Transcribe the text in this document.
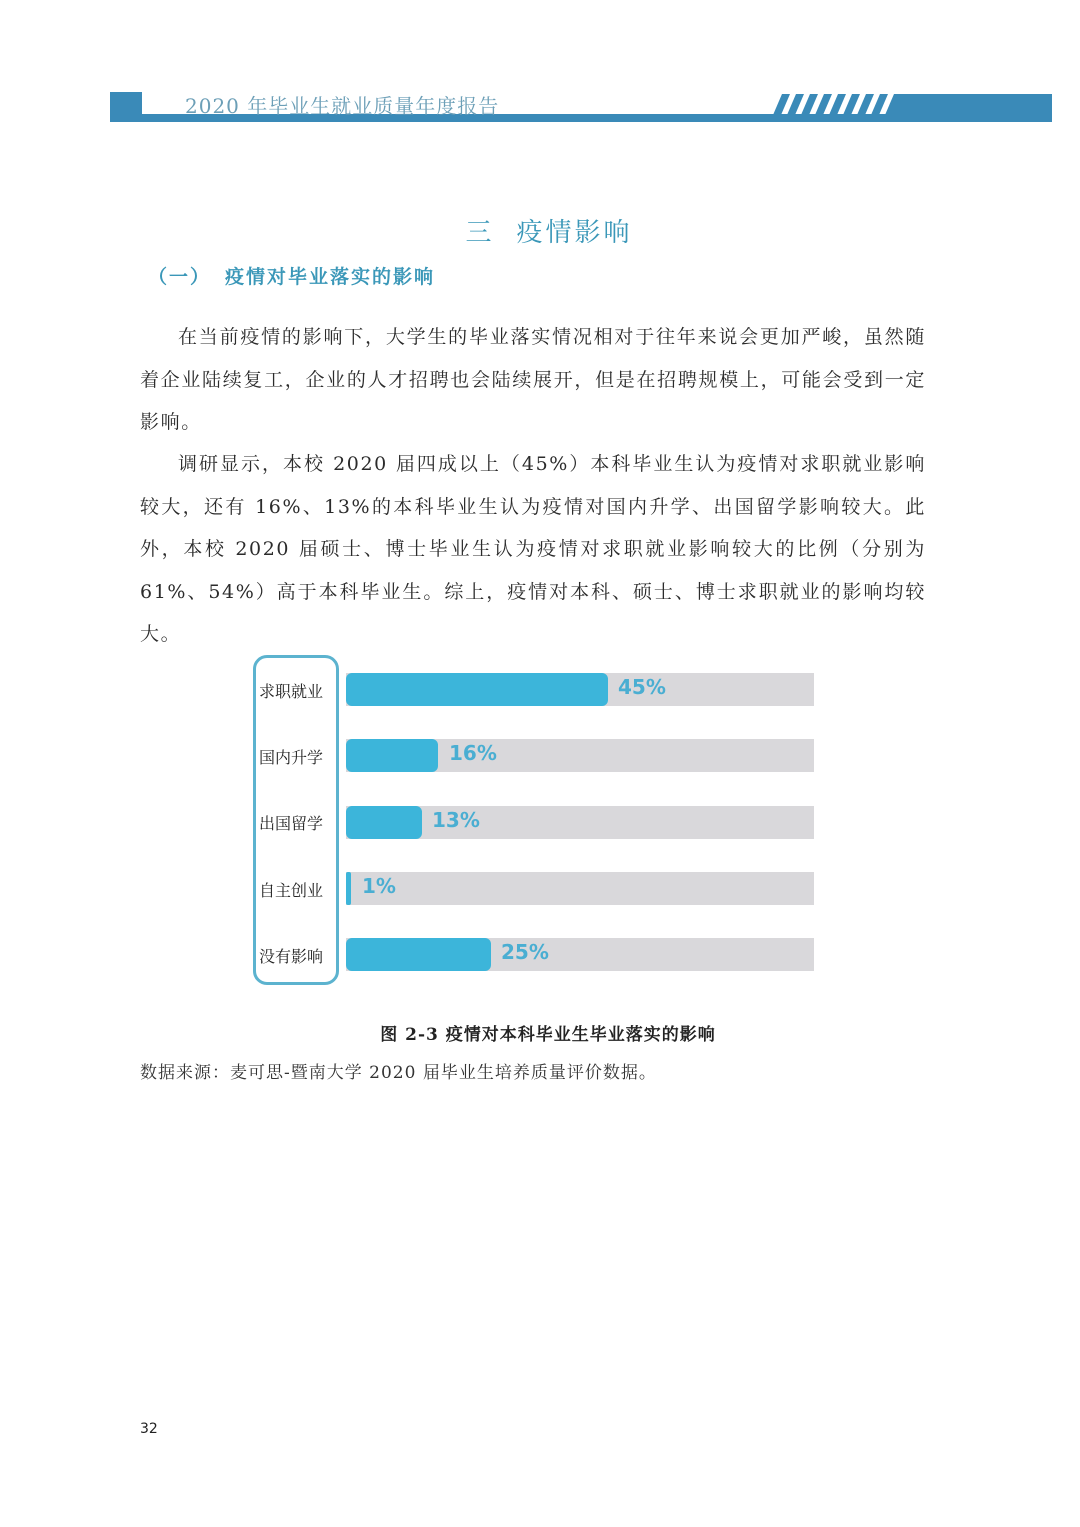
2020 年毕业生就业质量年度报告
三 疫情影响
（一） 疫情对毕业落实的影响

在当前疫情的影响下，大学生的毕业落实情况相对于往年来说会更加严峻，虽然随着企业陆续复工，企业的人才招聘也会陆续展开，但是在招聘规模上，可能会受到一定影响。

调研显示，本校 2020 届四成以上（45%）本科毕业生认为疫情对求职就业影响较大，还有 16%、13%的本科毕业生认为疫情对国内升学、出国留学影响较大。此外，本校 2020 届硕士、博士毕业生认为疫情对求职就业影响较大的比例（分别为 61%、54%）高于本科毕业生。综上，疫情对本科、硕士、博士求职就业的影响均较大。

求职就业	45%
国内升学	16%
出国留学	13%
自主创业 1%
没有影响	25%
图 2-3 疫情对本科毕业生毕业落实的影响
数据来源：麦可思-暨南大学 2020 届毕业生培养质量评价数据。
32
